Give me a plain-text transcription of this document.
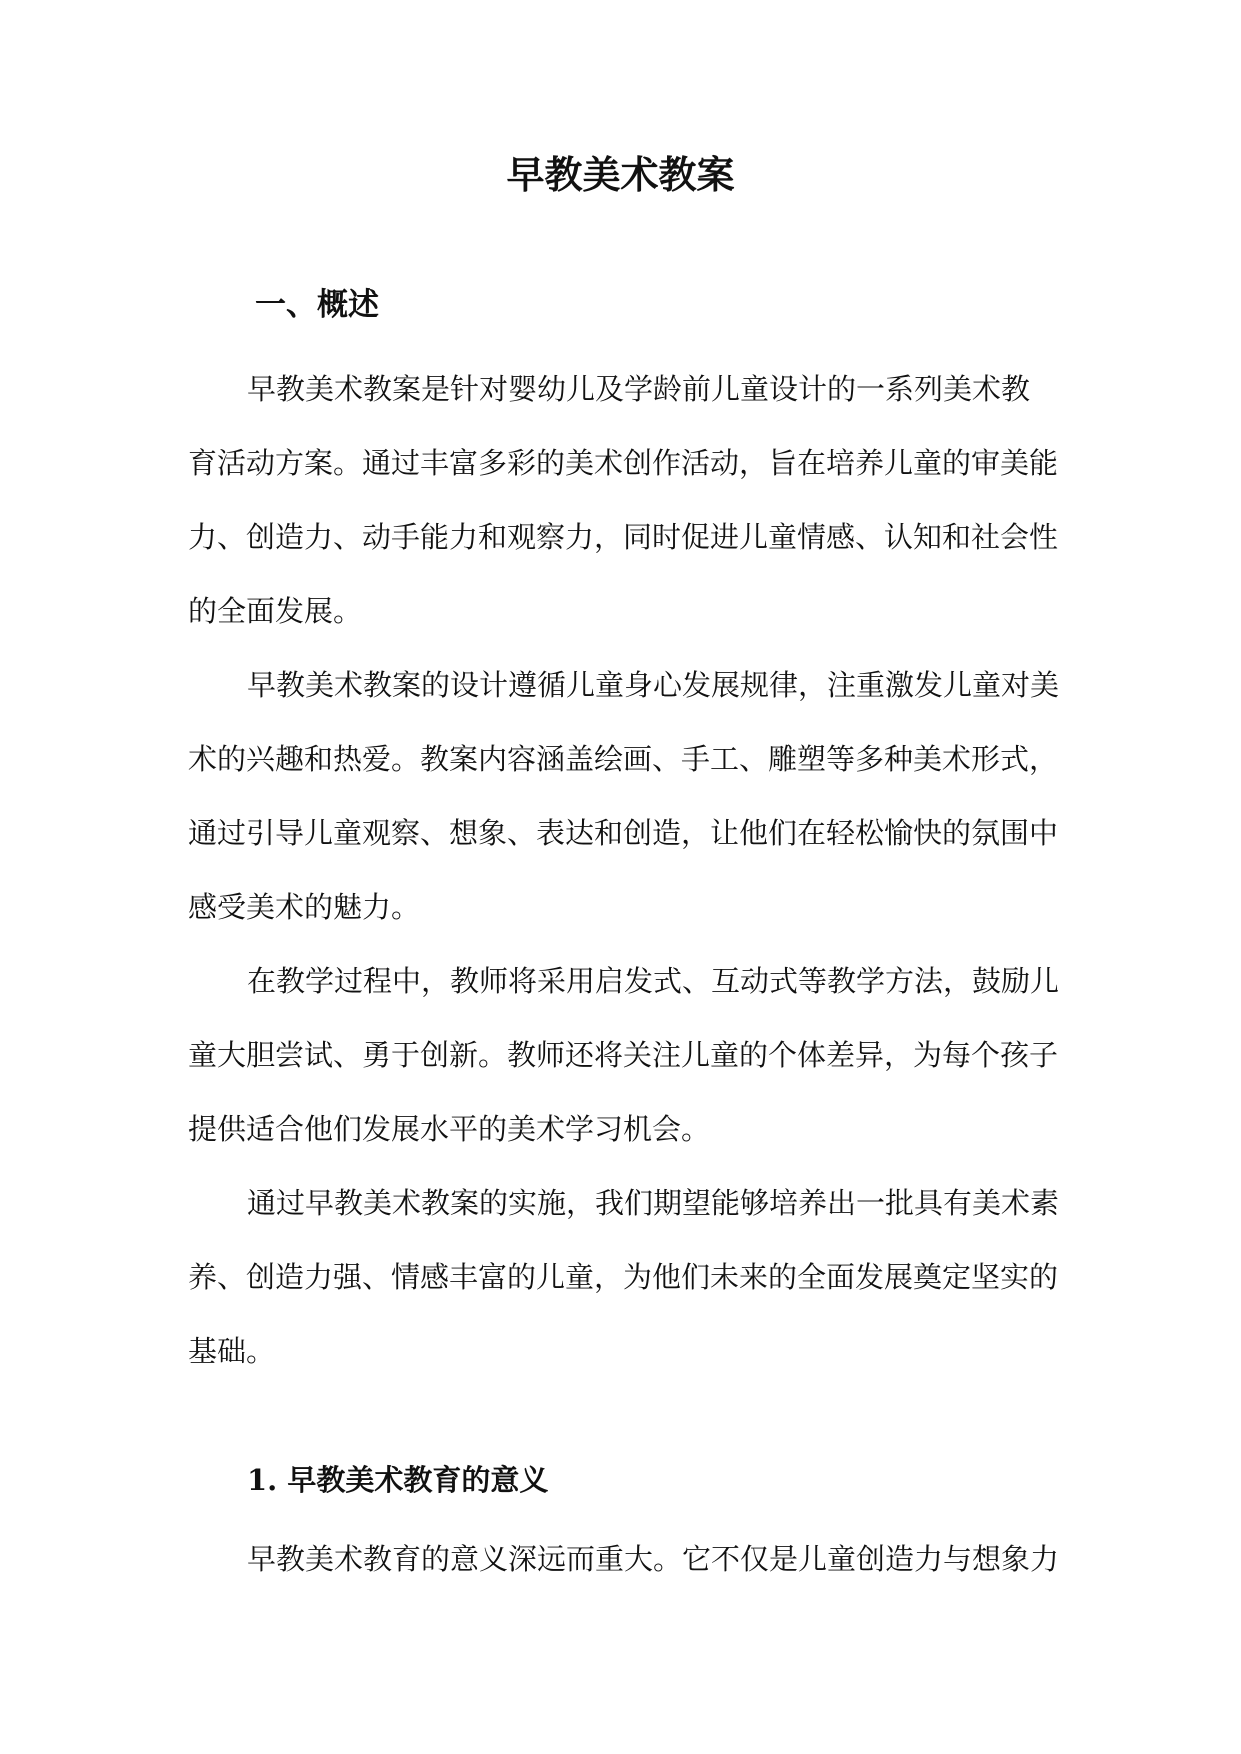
早教美术教案
一、概述
早教美术教案是针对婴幼儿及学龄前儿童设计的一系列美术教
育活动方案。通过丰富多彩的美术创作活动，旨在培养儿童的审美能
力、创造力、动手能力和观察力，同时促进儿童情感、认知和社会性
的全面发展。
早教美术教案的设计遵循儿童身心发展规律，注重激发儿童对美
术的兴趣和热爱。教案内容涵盖绘画、手工、雕塑等多种美术形式，
通过引导儿童观察、想象、表达和创造，让他们在轻松愉快的氛围中
感受美术的魅力。
在教学过程中，教师将采用启发式、互动式等教学方法，鼓励儿
童大胆尝试、勇于创新。教师还将关注儿童的个体差异，为每个孩子
提供适合他们发展水平的美术学习机会。
通过早教美术教案的实施，我们期望能够培养出一批具有美术素
养、创造力强、情感丰富的儿童，为他们未来的全面发展奠定坚实的
基础。
1. 早教美术教育的意义
早教美术教育的意义深远而重大。它不仅是儿童创造力与想象力
